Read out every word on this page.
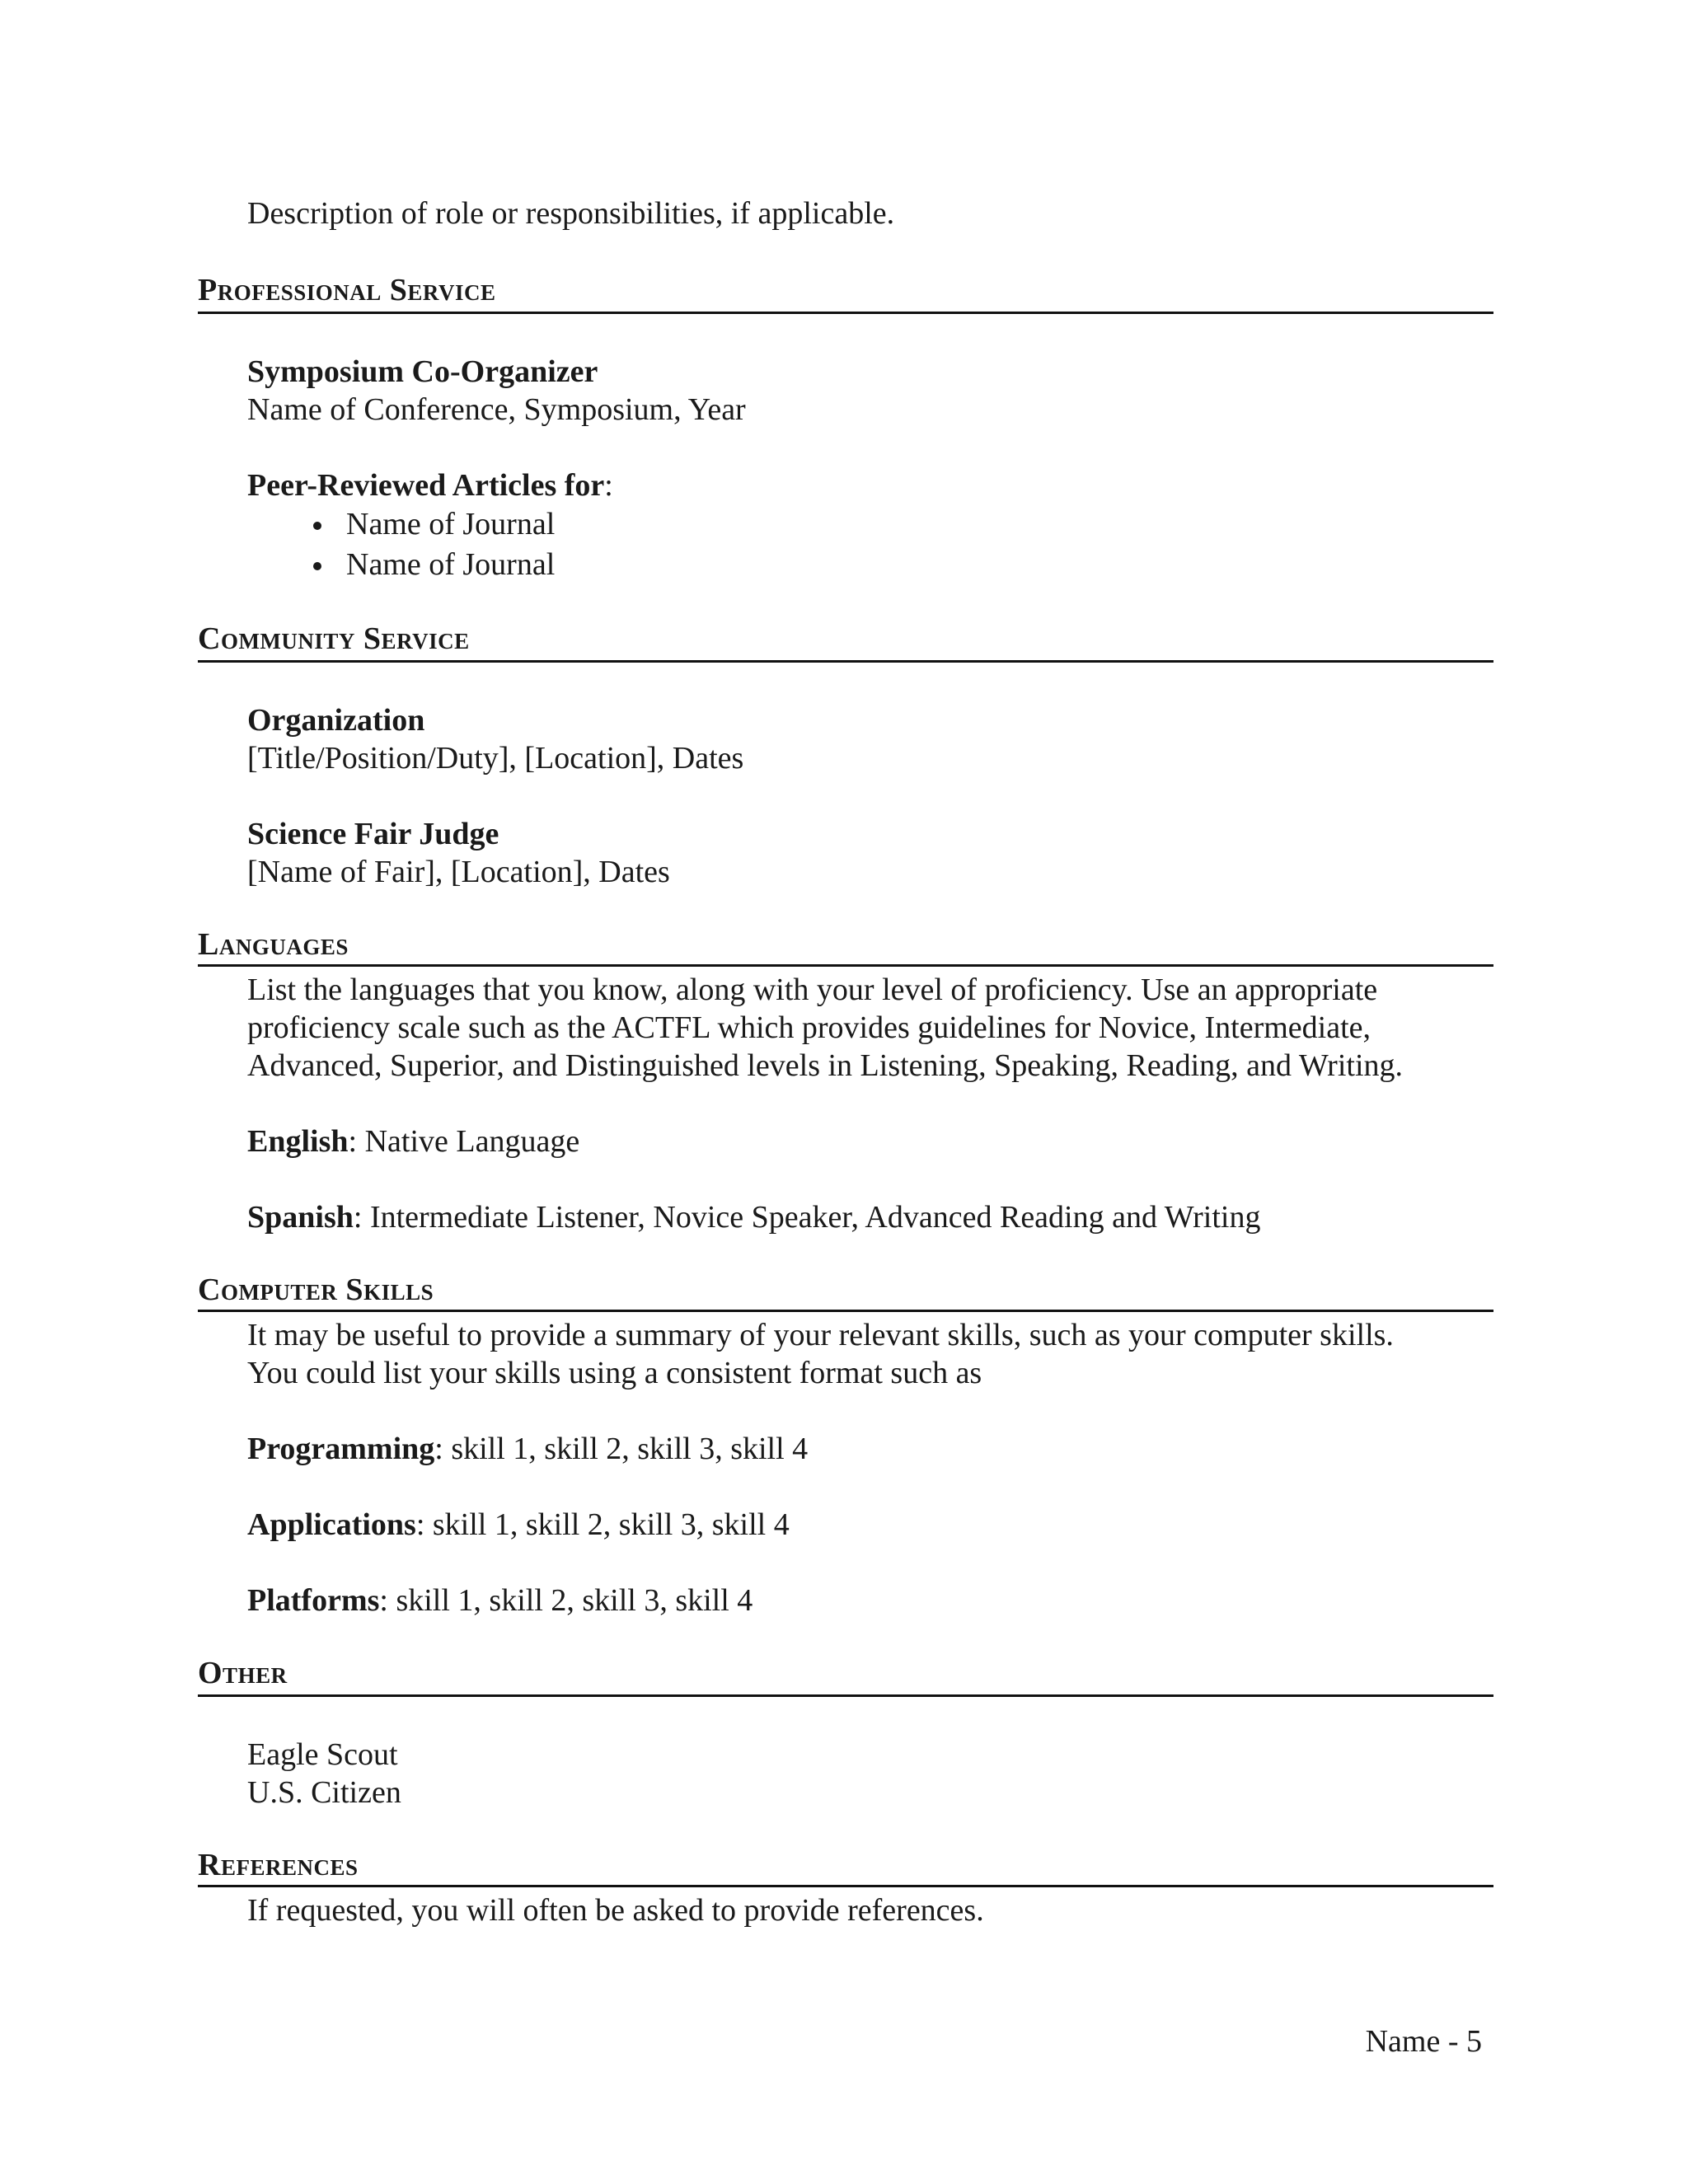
Description of role or responsibilities, if applicable.
Professional Service
Symposium Co-Organizer
Name of Conference, Symposium, Year
Peer-Reviewed Articles for:
Name of Journal
Name of Journal
Community Service
Organization
[Title/Position/Duty], [Location], Dates
Science Fair Judge
[Name of Fair], [Location], Dates
Languages
List the languages that you know, along with your level of proficiency. Use an appropriate
proficiency scale such as the ACTFL which provides guidelines for Novice, Intermediate,
Advanced, Superior, and Distinguished levels in Listening, Speaking, Reading, and Writing.
English: Native Language
Spanish: Intermediate Listener, Novice Speaker, Advanced Reading and Writing
Computer Skills
It may be useful to provide a summary of your relevant skills, such as your computer skills.
You could list your skills using a consistent format such as
Programming: skill 1, skill 2, skill 3, skill 4
Applications: skill 1, skill 2, skill 3, skill 4
Platforms: skill 1, skill 2, skill 3, skill 4
Other
Eagle Scout
U.S. Citizen
References
If requested, you will often be asked to provide references.
Name - 5
